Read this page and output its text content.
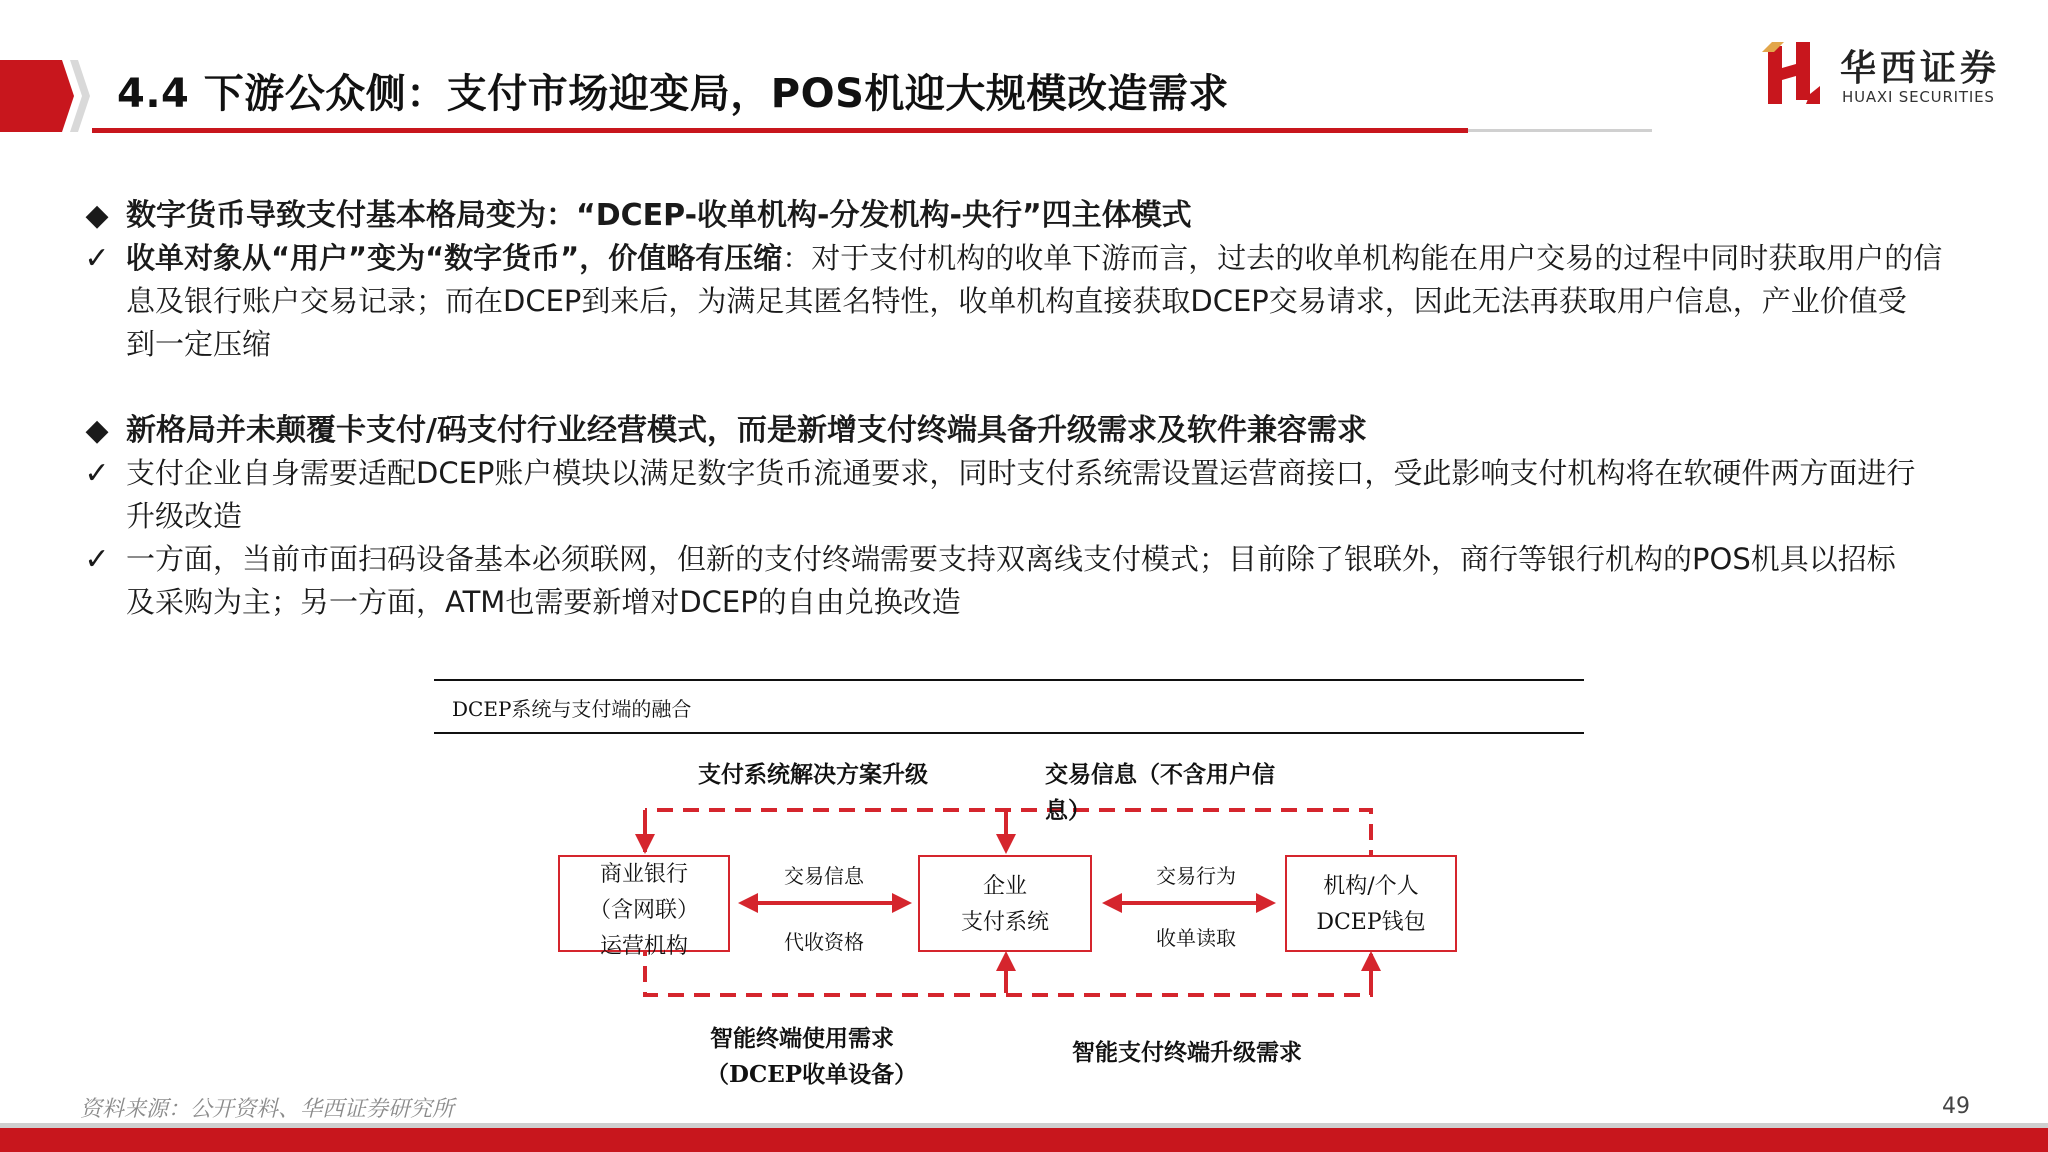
4.4 下游公众侧：支付市场迎变局，POS机迎大规模改造需求
华西证券
HUAXI SECURITIES
◆ 数字货币导致支付基本格局变为：“DCEP-收单机构-分发机构-央行”四主体模式
✓ 收单对象从“用户”变为“数字货币”，价值略有压缩：对于支付机构的收单下游而言，过去的收单机构能在用户交易的过程中同时获取用户的信

息及银行账户交易记录；而在DCEP到来后，为满足其匿名特性，收单机构直接获取DCEP交易请求，因此无法再获取用户信息，产业价值受

到一定压缩

◆ 新格局并未颠覆卡支付/码支付行业经营模式，而是新增支付终端具备升级需求及软件兼容需求
✓ 支付企业自身需要适配DCEP账户模块以满足数字货币流通要求，同时支付系统需设置运营商接口，受此影响支付机构将在软硬件两方面进行

升级改造

✓ 一方面，当前市面扫码设备基本必须联网，但新的支付终端需要支持双离线支付模式；目前除了银联外，商行等银行机构的POS机具以招标

及采购为主；另一方面，ATM也需要新增对DCEP的自由兑换改造

DCEP系统与支付端的融合
支付系统解决方案升级	交易信息（不含用户信
息）
商业银行
（含网联）
运营机构
企业
支付系统
机构/个人
DCEP钱包
交易信息
代收资格
交易行为
收单读取
智能终端使用需求
（DCEP收单设备）
智能支付终端升级需求
资料来源：公开资料、华西证券研究所	49
